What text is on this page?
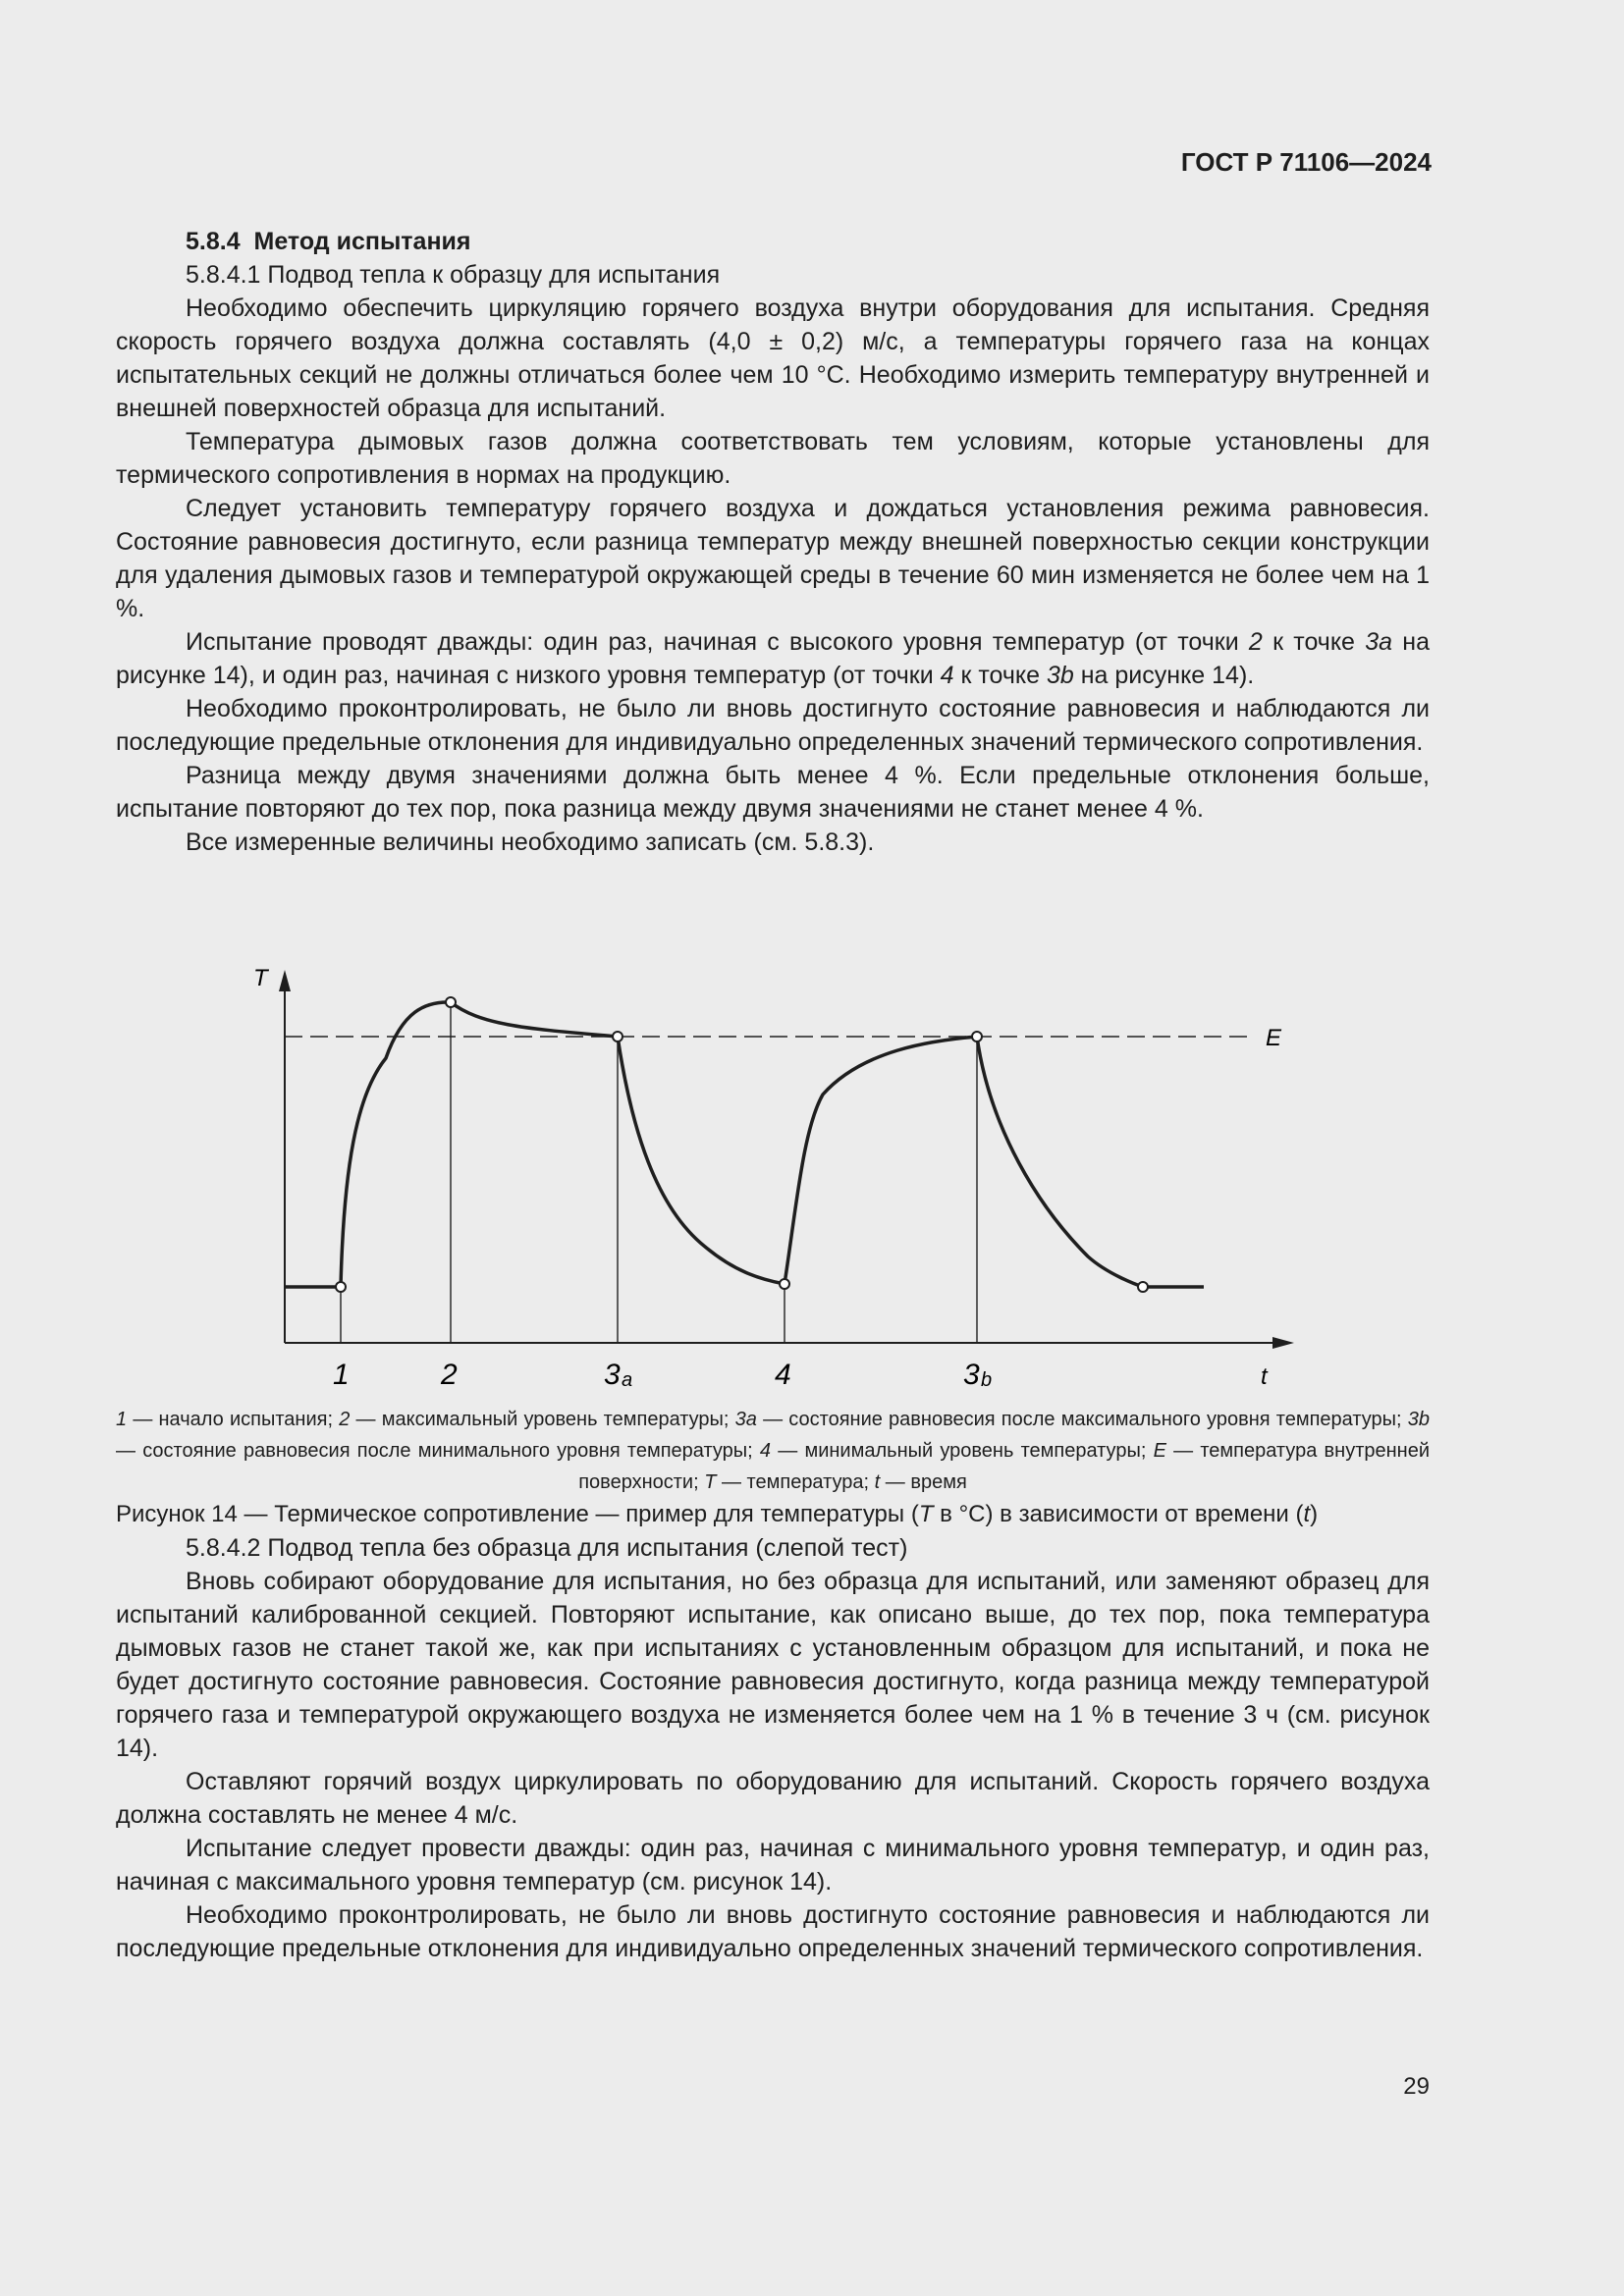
ГОСТ Р 71106—2024

5.8.4 Метод испытания

5.8.4.1 Подвод тепла к образцу для испытания

Необходимо обеспечить циркуляцию горячего воздуха внутри оборудования для испытания. Средняя скорость горячего воздуха должна составлять (4,0 ± 0,2) м/с, а температуры горячего газа на концах испытательных секций не должны отличаться более чем 10 °С. Необходимо измерить температуру внутренней и внешней поверхностей образца для испытаний.

Температура дымовых газов должна соответствовать тем условиям, которые установлены для термического сопротивления в нормах на продукцию.

Следует установить температуру горячего воздуха и дождаться установления режима равновесия. Состояние равновесия достигнуто, если разница температур между внешней поверхностью секции конструкции для удаления дымовых газов и температурой окружающей среды в течение 60 мин изменяется не более чем на 1 %.

Испытание проводят дважды: один раз, начиная с высокого уровня температур (от точки 2 к точке 3a на рисунке 14), и один раз, начиная с низкого уровня температур (от точки 4 к точке 3b на рисунке 14).

Необходимо проконтролировать, не было ли вновь достигнуто состояние равновесия и наблюдаются ли последующие предельные отклонения для индивидуально определенных значений термического сопротивления.

Разница между двумя значениями должна быть менее 4 %. Если предельные отклонения больше, испытание повторяют до тех пор, пока разница между двумя значениями не станет менее 4 %.

Все измеренные величины необходимо записать (см. 5.8.3).

T
t
E
1	2	3 a	4	3 b

1 — начало испытания; 2 — максимальный уровень температуры; 3a — состояние равновесия после максимального уровня температуры; 3b — состояние равновесия после минимального уровня температуры; 4 — минимальный уровень температуры; E — температура внутренней поверхности; T — температура; t — время

Рисунок 14 — Термическое сопротивление — пример для температуры (T в °С) в зависимости от времени (t)

5.8.4.2 Подвод тепла без образца для испытания (слепой тест)

Вновь собирают оборудование для испытания, но без образца для испытаний, или заменяют образец для испытаний калиброванной секцией. Повторяют испытание, как описано выше, до тех пор, пока температура дымовых газов не станет такой же, как при испытаниях с установленным образцом для испытаний, и пока не будет достигнуто состояние равновесия. Состояние равновесия достигнуто, когда разница между температурой горячего газа и температурой окружающего воздуха не изменяется более чем на 1 % в течение 3 ч (см. рисунок 14).

Оставляют горячий воздух циркулировать по оборудованию для испытаний. Скорость горячего воздуха должна составлять не менее 4 м/с.

Испытание следует провести дважды: один раз, начиная с минимального уровня температур, и один раз, начиная с максимального уровня температур (см. рисунок 14).

Необходимо проконтролировать, не было ли вновь достигнуто состояние равновесия и наблюдаются ли последующие предельные отклонения для индивидуально определенных значений термического сопротивления.

29
